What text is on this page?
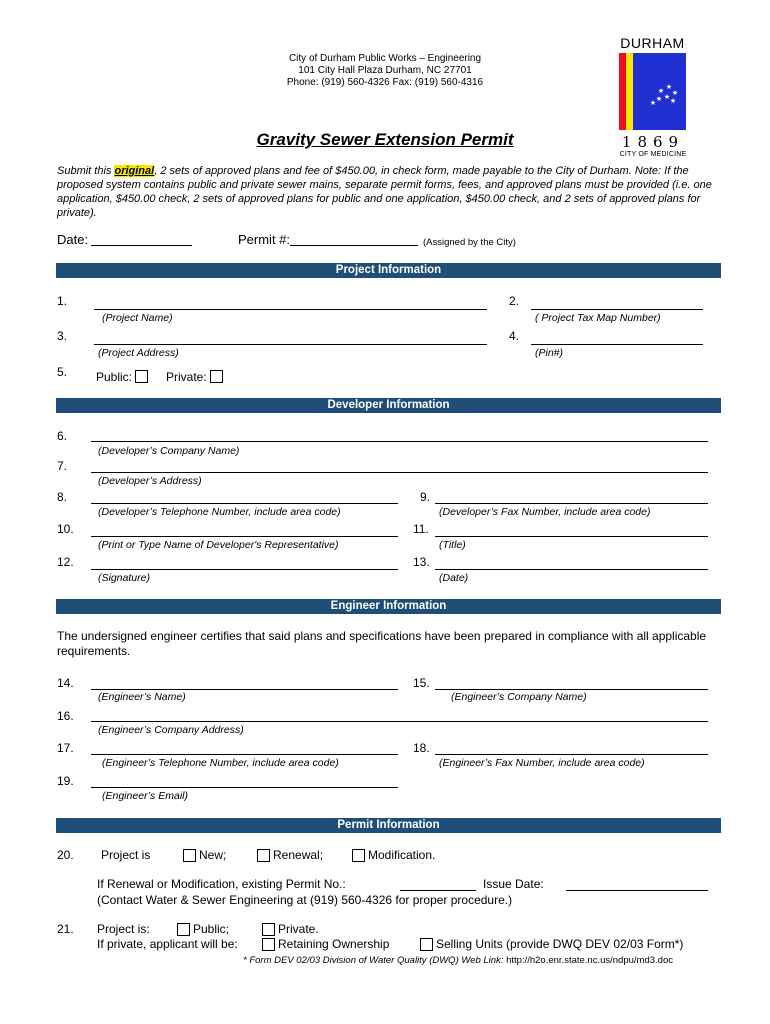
City of Durham Public Works – Engineering
101 City Hall Plaza Durham, NC 27701
Phone: (919) 560-4326 Fax: (919) 560-4316
DURHAM
★
★
★
★
★ ★
★
1869
CITY OF MEDICINE
Gravity Sewer Extension Permit
Submit this original, 2 sets of approved plans and fee of $450.00, in check form, made payable to the City of Durham. Note: If the proposed system contains public and private sewer mains, separate permit forms, fees, and approved plans must be provided (i.e. one application, $450.00 check, 2 sets of approved plans for public and one application, $450.00 check, and 2 sets of approved plans for private).
Date:	Permit #:	(Assigned by the City)
Project Information
1.
(Project Name)
2.
( Project Tax Map Number)
3.
(Project Address)
4.
(Pin#)
5. Public:	Private:
Developer Information
6.
(Developer’s Company Name)
7.
(Developer’s Address)
8.
(Developer’s Telephone Number, include area code)
9.
(Developer’s Fax Number, include area code)
10.
(Print or Type Name of Developer's Representative)
11.
(Title)
12.
(Signature)
13.
(Date)
Engineer Information
The undersigned engineer certifies that said plans and specifications have been prepared in compliance with all applicable requirements.
14.
(Engineer’s Name)
15.
(Engineer’s Company Name)
16.
(Engineer’s Company Address)
17.
(Engineer’s Telephone Number, include area code)
18.
(Engineer’s Fax Number, include area code)
19.
(Engineer’s Email)
Permit Information
20. Project is	New;	Renewal;	Modification.
If Renewal or Modification, existing Permit No.:	Issue Date:
(Contact Water & Sewer Engineering at (919) 560-4326 for proper procedure.)
21. Project is:	Public;	Private.
If private, applicant will be:	Retaining Ownership	Selling Units (provide DWQ DEV 02/03 Form*)
* Form DEV 02/03 Division of Water Quality (DWQ) Web Link: http://h2o.enr.state.nc.us/ndpu/md3.doc
